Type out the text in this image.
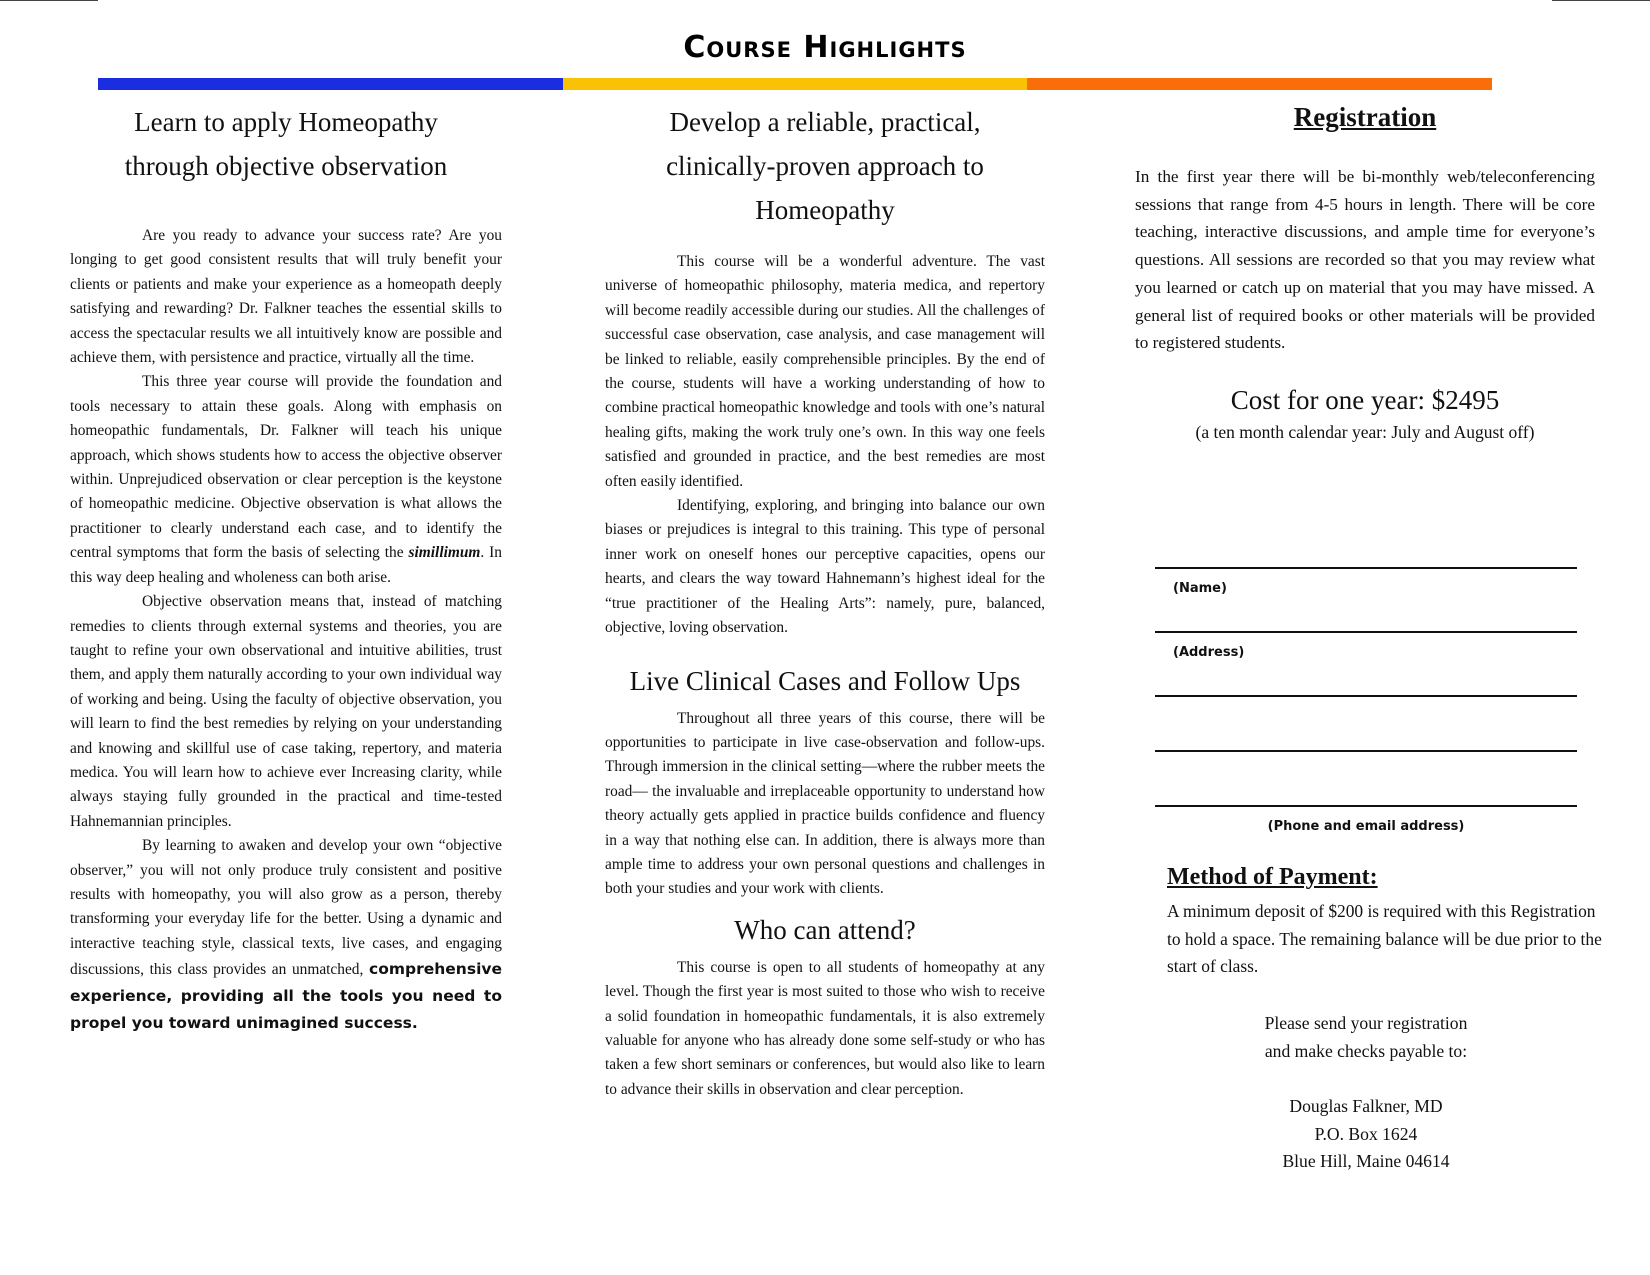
Course Highlights
Learn to apply Homeopathy
through objective observation

Are you ready to advance your success rate? Are you longing to get good consistent results that will truly benefit your clients or patients and make your experience as a homeopath deeply satisfying and rewarding? Dr. Falkner teaches the essential skills to access the spectacular results we all intuitively know are possible and achieve them, with persistence and practice, virtually all the time.

This three year course will provide the foundation and tools necessary to attain these goals. Along with emphasis on homeopathic fundamentals, Dr. Falkner will teach his unique approach, which shows students how to access the objective observer within. Unprejudiced observation or clear perception is the keystone of homeopathic medicine. Objective observation is what allows the practitioner to clearly understand each case, and to identify the central symptoms that form the basis of selecting the simillimum. In this way deep healing and wholeness can both arise.

Objective observation means that, instead of matching remedies to clients through external systems and theories, you are taught to refine your own observational and intuitive abilities, trust them, and apply them naturally according to your own individual way of working and being. Using the faculty of objective observation, you will learn to find the best remedies by relying on your understanding and knowing and skillful use of case taking, repertory, and materia medica. You will learn how to achieve ever Increasing clarity, while always staying fully grounded in the practical and time-tested Hahnemannian principles.

By learning to awaken and develop your own “objective observer,” you will not only produce truly consistent and positive results with homeopathy, you will also grow as a person, thereby transforming your everyday life for the better. Using a dynamic and interactive teaching style, classical texts, live cases, and engaging discussions, this class provides an unmatched, comprehensive experience, providing all the tools you need to propel you toward unimagined success.

Develop a reliable, practical, clinically-proven approach to Homeopathy

This course will be a wonderful adventure. The vast universe of homeopathic philosophy, materia medica, and repertory will become readily accessible during our studies. All the challenges of successful case observation, case analysis, and case management will be linked to reliable, easily comprehensible principles. By the end of the course, students will have a working understanding of how to combine practical homeopathic knowledge and tools with one’s natural healing gifts, making the work truly one’s own. In this way one feels satisfied and grounded in practice, and the best remedies are most often easily identified.

Identifying, exploring, and bringing into balance our own biases or prejudices is integral to this training. This type of personal inner work on oneself hones our perceptive capacities, opens our hearts, and clears the way toward Hahnemann’s highest ideal for the “true practitioner of the Healing Arts”: namely, pure, balanced, objective, loving observation.

Live Clinical Cases and Follow Ups

Throughout all three years of this course, there will be opportunities to participate in live case-observation and follow-ups. Through immersion in the clinical setting—where the rubber meets the road— the invaluable and irreplaceable opportunity to understand how theory actually gets applied in practice builds confidence and fluency in a way that nothing else can. In addition, there is always more than ample time to address your own personal questions and challenges in both your studies and your work with clients.

Who can attend?

This course is open to all students of homeopathy at any level. Though the first year is most suited to those who wish to receive a solid foundation in homeopathic fundamentals, it is also extremely valuable for anyone who has already done some self-study or who has taken a few short seminars or conferences, but would also like to learn to advance their skills in observation and clear perception.

Registration
In the first year there will be bi-monthly web/teleconferencing sessions that range from 4-5 hours in length. There will be core teaching, interactive discussions, and ample time for everyone’s questions. All sessions are recorded so that you may review what you learned or catch up on material that you may have missed. A general list of required books or other materials will be provided to registered students.
Cost for one year: $2495
(a ten month calendar year: July and August off)
(Name)
(Address)
(Phone and email address)
Method of Payment:
A minimum deposit of $200 is required with this Registration to hold a space. The remaining balance will be due prior to the start of class.
Please send your registration
and make checks payable to:
Douglas Falkner, MD
P.O. Box 1624
Blue Hill, Maine 04614
